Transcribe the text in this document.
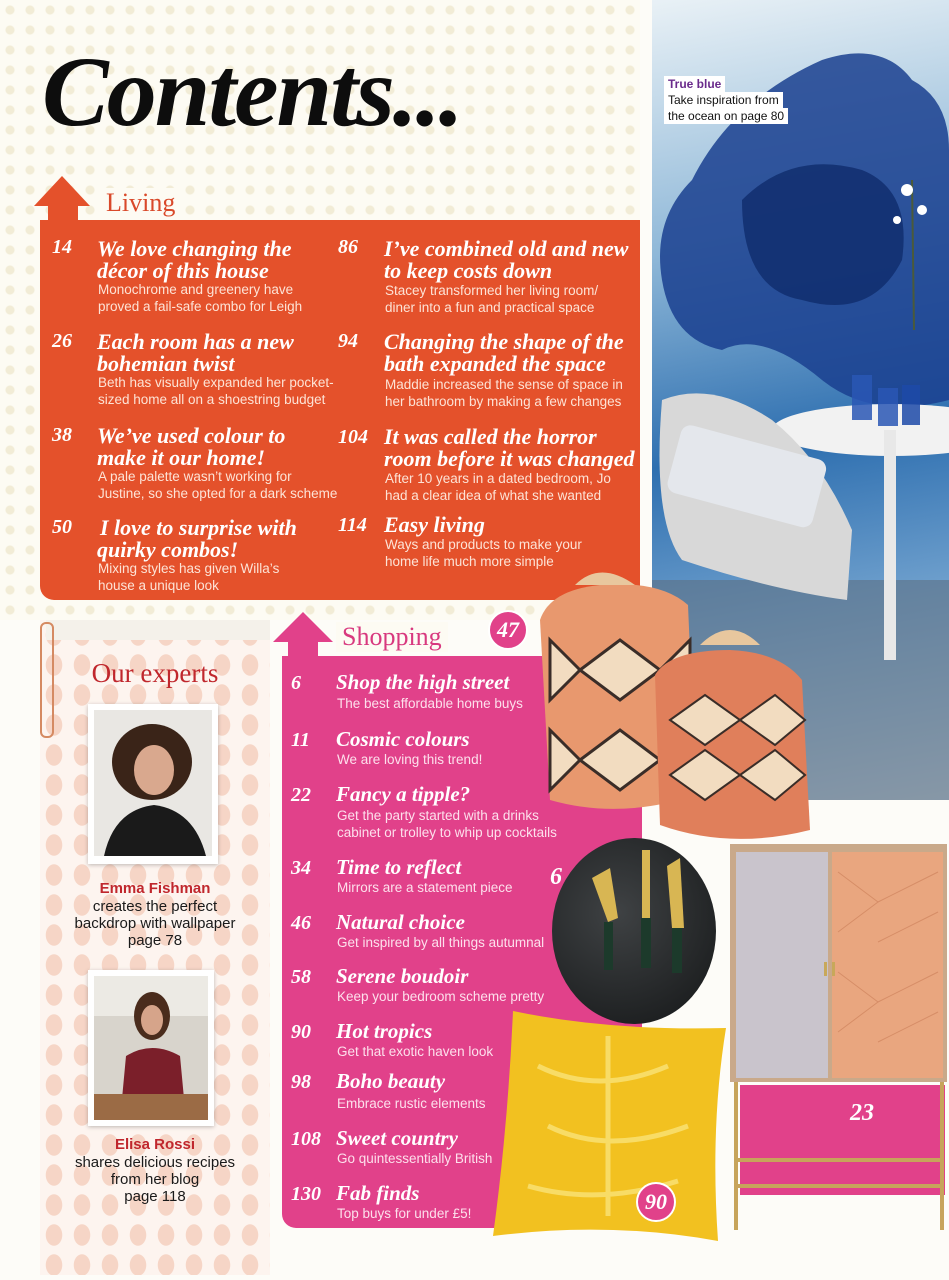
Contents...	True blue
Take inspiration from
the ocean on page 80
Living
14 We love changing the
décor of this house
Monochrome and greenery have
proved a fail-safe combo for Leigh
26 Each room has a new
bohemian twist
Beth has visually expanded her pocket-
sized home all on a shoestring budget
38 We’ve used colour to
make it our home!
A pale palette wasn’t working for
Justine, so she opted for a dark scheme
50 I love to surprise with
quirky combos!
Mixing styles has given Willa’s
house a unique look
86 I’ve combined old and new
to keep costs down
Stacey transformed her living room/
diner into a fun and practical space
94 Changing the shape of the
bath expanded the space
Maddie increased the sense of space in
her bathroom by making a few changes
104 It was called the horror
room before it was changed
After 10 years in a dated bedroom, Jo
had a clear idea of what she wanted
114 Easy living
Ways and products to make your
home life much more simple
Our experts
Emma Fishman
creates the perfect
backdrop with wallpaper
page 78
Elisa Rossi
shares delicious recipes
from her blog
page 118
Shopping
6 Shop the high street
The best affordable home buys
11 Cosmic colours
We are loving this trend!
22 Fancy a tipple?
Get the party started with a drinks
cabinet or trolley to whip up cocktails
34 Time to reflect
Mirrors are a statement piece
46 Natural choice
Get inspired by all things autumnal
58 Serene boudoir
Keep your bedroom scheme pretty
90 Hot tropics
Get that exotic haven look
98 Boho beauty
Embrace rustic elements
108 Sweet country
Go quintessentially British
130 Fab finds
Top buys for under £5!
23
47
6
90
